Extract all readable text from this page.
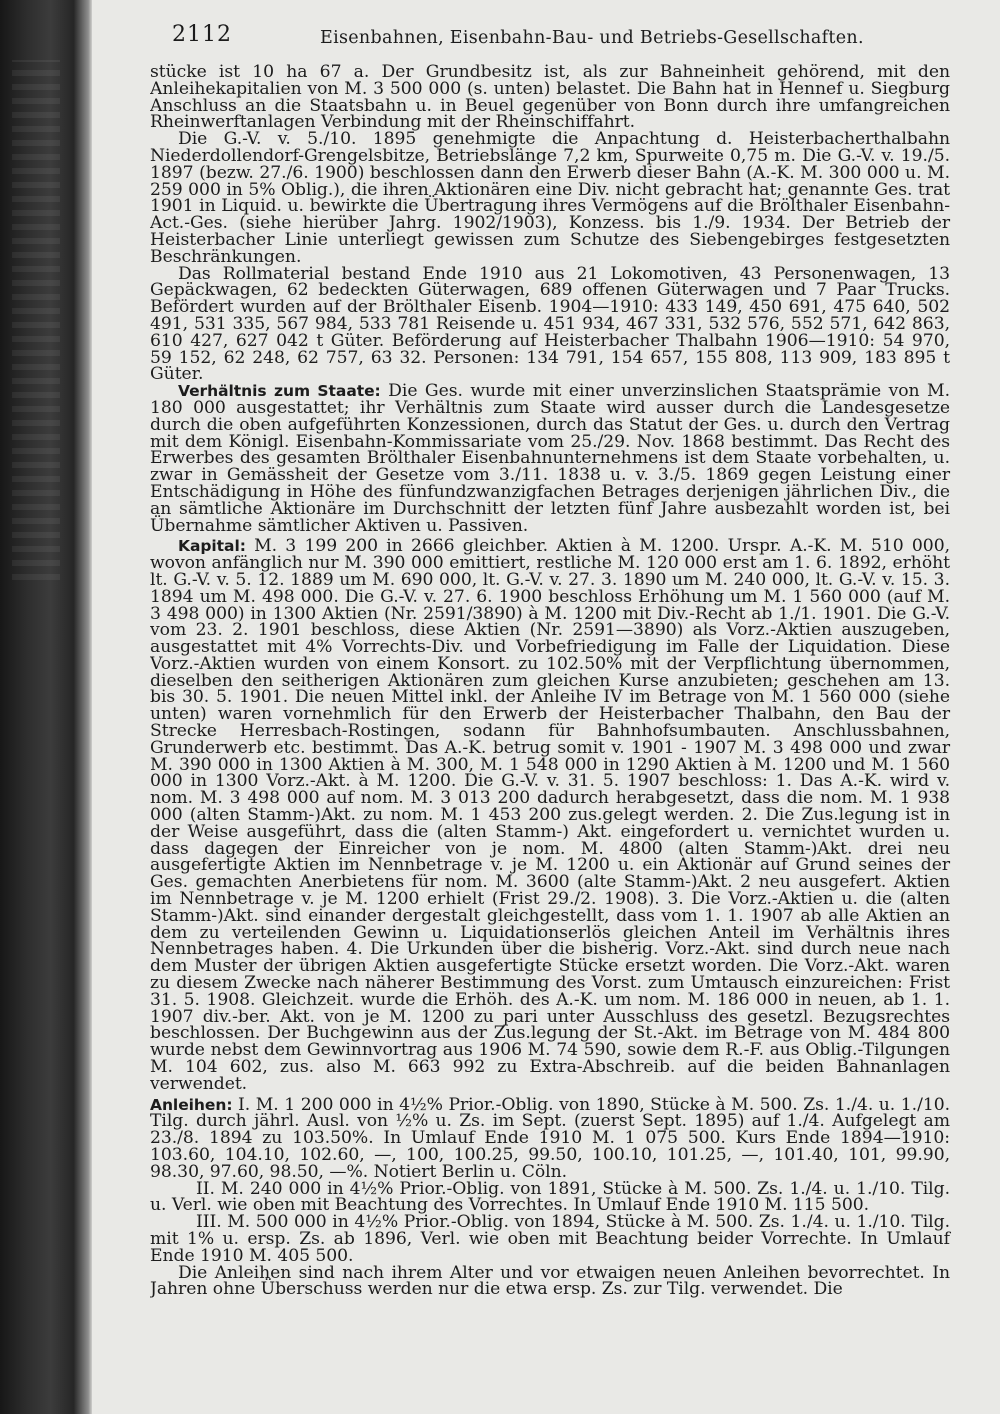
2112	Eisenbahnen, Eisenbahn-Bau- und Betriebs-Gesellschaften.

stücke ist 10 ha 67 a. Der Grundbesitz ist, als zur Bahneinheit gehörend, mit den Anleihekapitalien von M. 3 500 000 (s. unten) belastet. Die Bahn hat in Hennef u. Siegburg Anschluss an die Staatsbahn u. in Beuel gegenüber von Bonn durch ihre umfangreichen Rheinwerftanlagen Verbindung mit der Rheinschiffahrt.

Die G.-V. v. 5./10. 1895 genehmigte die Anpachtung d. Heisterbacherthalbahn Niederdollendorf-Grengelsbitze, Betriebslänge 7,2 km, Spurweite 0,75 m. Die G.-V. v. 19./5. 1897 (bezw. 27./6. 1900) beschlossen dann den Erwerb dieser Bahn (A.-K. M. 300 000 u. M. 259 000 in 5% Oblig.), die ihren Aktionären eine Div. nicht gebracht hat; genannte Ges. trat 1901 in Liquid. u. bewirkte die Übertragung ihres Vermögens auf die Brölthaler Eisenbahn-Act.-Ges. (siehe hierüber Jahrg. 1902/1903), Konzess. bis 1./9. 1934. Der Betrieb der Heisterbacher Linie unterliegt gewissen zum Schutze des Siebengebirges festgesetzten Beschränkungen.

Das Rollmaterial bestand Ende 1910 aus 21 Lokomotiven, 43 Personenwagen, 13 Gepäckwagen, 62 bedeckten Güterwagen, 689 offenen Güterwagen und 7 Paar Trucks. Befördert wurden auf der Brölthaler Eisenb. 1904—1910: 433 149, 450 691, 475 640, 502 491, 531 335, 567 984, 533 781 Reisende u. 451 934, 467 331, 532 576, 552 571, 642 863, 610 427, 627 042 t Güter. Beförderung auf Heisterbacher Thalbahn 1906—1910: 54 970, 59 152, 62 248, 62 757, 63 32. Personen: 134 791, 154 657, 155 808, 113 909, 183 895 t Güter.

Verhältnis zum Staate: Die Ges. wurde mit einer unverzinslichen Staatsprämie von M. 180 000 ausgestattet; ihr Verhältnis zum Staate wird ausser durch die Landesgesetze durch die oben aufgeführten Konzessionen, durch das Statut der Ges. u. durch den Vertrag mit dem Königl. Eisenbahn-Kommissariate vom 25./29. Nov. 1868 bestimmt. Das Recht des Erwerbes des gesamten Brölthaler Eisenbahnunternehmens ist dem Staate vorbehalten, u. zwar in Gemässheit der Gesetze vom 3./11. 1838 u. v. 3./5. 1869 gegen Leistung einer Entschädigung in Höhe des fünfundzwanzigfachen Betrages derjenigen jährlichen Div., die an sämtliche Aktionäre im Durchschnitt der letzten fünf Jahre ausbezahlt worden ist, bei Übernahme sämtlicher Aktiven u. Passiven.

Kapital: M. 3 199 200 in 2666 gleichber. Aktien à M. 1200. Urspr. A.-K. M. 510 000, wovon anfänglich nur M. 390 000 emittiert, restliche M. 120 000 erst am 1. 6. 1892, erhöht lt. G.-V. v. 5. 12. 1889 um M. 690 000, lt. G.-V. v. 27. 3. 1890 um M. 240 000, lt. G.-V. v. 15. 3. 1894 um M. 498 000. Die G.-V. v. 27. 6. 1900 beschloss Erhöhung um M. 1 560 000 (auf M. 3 498 000) in 1300 Aktien (Nr. 2591/3890) à M. 1200 mit Div.-Recht ab 1./1. 1901. Die G.-V. vom 23. 2. 1901 beschloss, diese Aktien (Nr. 2591—3890) als Vorz.-Aktien auszugeben, ausgestattet mit 4% Vorrechts-Div. und Vorbefriedigung im Falle der Liquidation. Diese Vorz.-Aktien wurden von einem Konsort. zu 102.50% mit der Verpflichtung übernommen, dieselben den seitherigen Aktionären zum gleichen Kurse anzubieten; geschehen am 13. bis 30. 5. 1901. Die neuen Mittel inkl. der Anleihe IV im Betrage von M. 1 560 000 (siehe unten) waren vornehmlich für den Erwerb der Heisterbacher Thalbahn, den Bau der Strecke Herresbach-Rostingen, sodann für Bahnhofsumbauten. Anschlussbahnen, Grunderwerb etc. bestimmt. Das A.-K. betrug somit v. 1901 - 1907 M. 3 498 000 und zwar M. 390 000 in 1300 Aktien à M. 300, M. 1 548 000 in 1290 Aktien à M. 1200 und M. 1 560 000 in 1300 Vorz.-Akt. à M. 1200. Die G.-V. v. 31. 5. 1907 beschloss: 1. Das A.-K. wird v. nom. M. 3 498 000 auf nom. M. 3 013 200 dadurch herabgesetzt, dass die nom. M. 1 938 000 (alten Stamm-)Akt. zu nom. M. 1 453 200 zus.gelegt werden. 2. Die Zus.legung ist in der Weise ausgeführt, dass die (alten Stamm-) Akt. eingefordert u. vernichtet wurden u. dass dagegen der Einreicher von je nom. M. 4800 (alten Stamm-)Akt. drei neu ausgefertigte Aktien im Nennbetrage v. je M. 1200 u. ein Aktionär auf Grund seines der Ges. gemachten Anerbietens für nom. M. 3600 (alte Stamm-)Akt. 2 neu ausgefert. Aktien im Nennbetrage v. je M. 1200 erhielt (Frist 29./2. 1908). 3. Die Vorz.-Aktien u. die (alten Stamm-)Akt. sind einander dergestalt gleichgestellt, dass vom 1. 1. 1907 ab alle Aktien an dem zu verteilenden Gewinn u. Liquidationserlös gleichen Anteil im Verhältnis ihres Nennbetrages haben. 4. Die Urkunden über die bisherig. Vorz.-Akt. sind durch neue nach dem Muster der übrigen Aktien ausgefertigte Stücke ersetzt worden. Die Vorz.-Akt. waren zu diesem Zwecke nach näherer Bestimmung des Vorst. zum Umtausch einzureichen: Frist 31. 5. 1908. Gleichzeit. wurde die Erhöh. des A.-K. um nom. M. 186 000 in neuen, ab 1. 1. 1907 div.-ber. Akt. von je M. 1200 zu pari unter Ausschluss des gesetzl. Bezugsrechtes beschlossen. Der Buchgewinn aus der Zus.legung der St.-Akt. im Betrage von M. 484 800 wurde nebst dem Gewinnvortrag aus 1906 M. 74 590, sowie dem R.-F. aus Oblig.-Tilgungen M. 104 602, zus. also M. 663 992 zu Extra-Abschreib. auf die beiden Bahnanlagen verwendet.

Anleihen: I. M. 1 200 000 in 4½% Prior.-Oblig. von 1890, Stücke à M. 500. Zs. 1./4. u. 1./10. Tilg. durch jährl. Ausl. von ½% u. Zs. im Sept. (zuerst Sept. 1895) auf 1./4. Aufgelegt am 23./8. 1894 zu 103.50%. In Umlauf Ende 1910 M. 1 075 500. Kurs Ende 1894—1910: 103.60, 104.10, 102.60, —, 100, 100.25, 99.50, 100.10, 101.25, —, 101.40, 101, 99.90, 98.30, 97.60, 98.50, —%. Notiert Berlin u. Cöln.

II. M. 240 000 in 4½% Prior.-Oblig. von 1891, Stücke à M. 500. Zs. 1./4. u. 1./10. Tilg. u. Verl. wie oben mit Beachtung des Vorrechtes. In Umlauf Ende 1910 M. 115 500.

III. M. 500 000 in 4½% Prior.-Oblig. von 1894, Stücke à M. 500. Zs. 1./4. u. 1./10. Tilg. mit 1% u. ersp. Zs. ab 1896, Verl. wie oben mit Beachtung beider Vorrechte. In Umlauf Ende 1910 M. 405 500.

Die Anleihen sind nach ihrem Alter und vor etwaigen neuen Anleihen bevorrechtet. In Jahren ohne Überschuss werden nur die etwa ersp. Zs. zur Tilg. verwendet. Die
